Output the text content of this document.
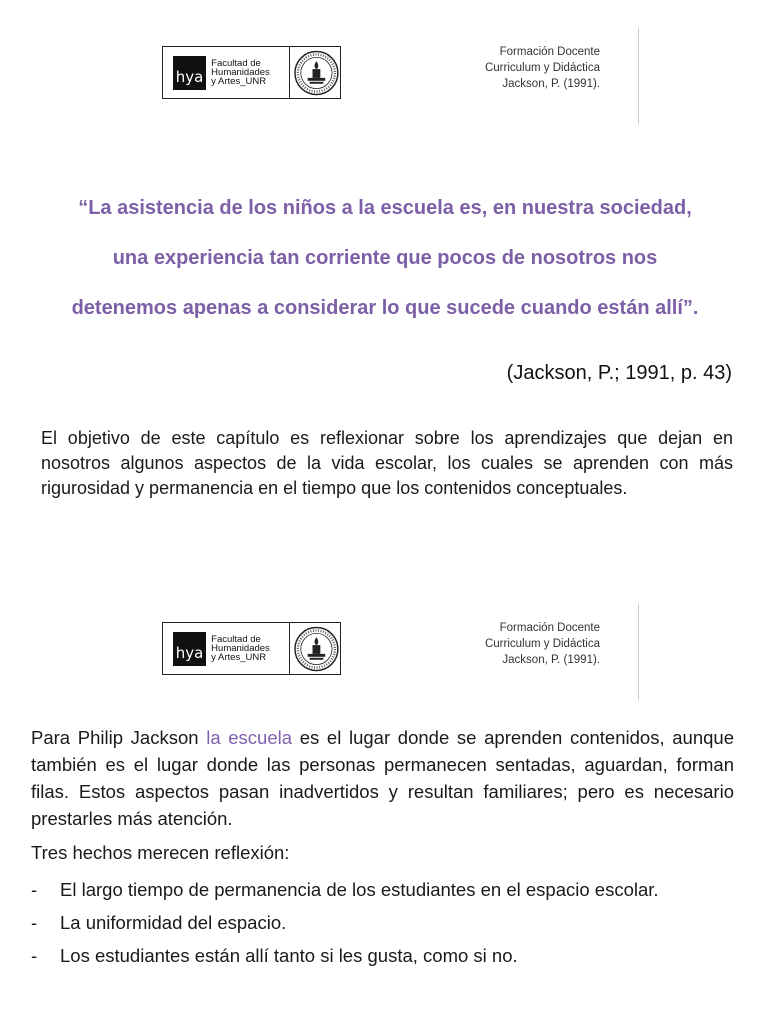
hya
Facultad de
Humanidades
y Artes_UNR
Formación Docente
Curriculum y Didáctica
Jackson, P. (1991).
“La asistencia de los niños a la escuela es, en nuestra sociedad,
una experiencia tan corriente que pocos de nosotros nos
detenemos apenas a considerar lo que sucede cuando están allí”.
(Jackson, P.; 1991, p. 43)

El objetivo de este capítulo es reflexionar sobre los aprendizajes que dejan en nosotros algunos aspectos de la vida escolar, los cuales se aprenden con más rigurosidad y permanencia en el tiempo que los contenidos conceptuales.

hya
Facultad de
Humanidades
y Artes_UNR
Formación Docente
Curriculum y Didáctica
Jackson, P. (1991).

Para Philip Jackson la escuela es el lugar donde se aprenden contenidos, aunque también es el lugar donde las personas permanecen sentadas, aguardan, forman filas. Estos aspectos pasan inadvertidos y resultan familiares; pero es necesario prestarles más atención.

Tres hechos merecen reflexión:
-	El largo tiempo de permanencia de los estudiantes en el espacio escolar.
-	La uniformidad del espacio.
-	Los estudiantes están allí tanto si les gusta, como si no.
